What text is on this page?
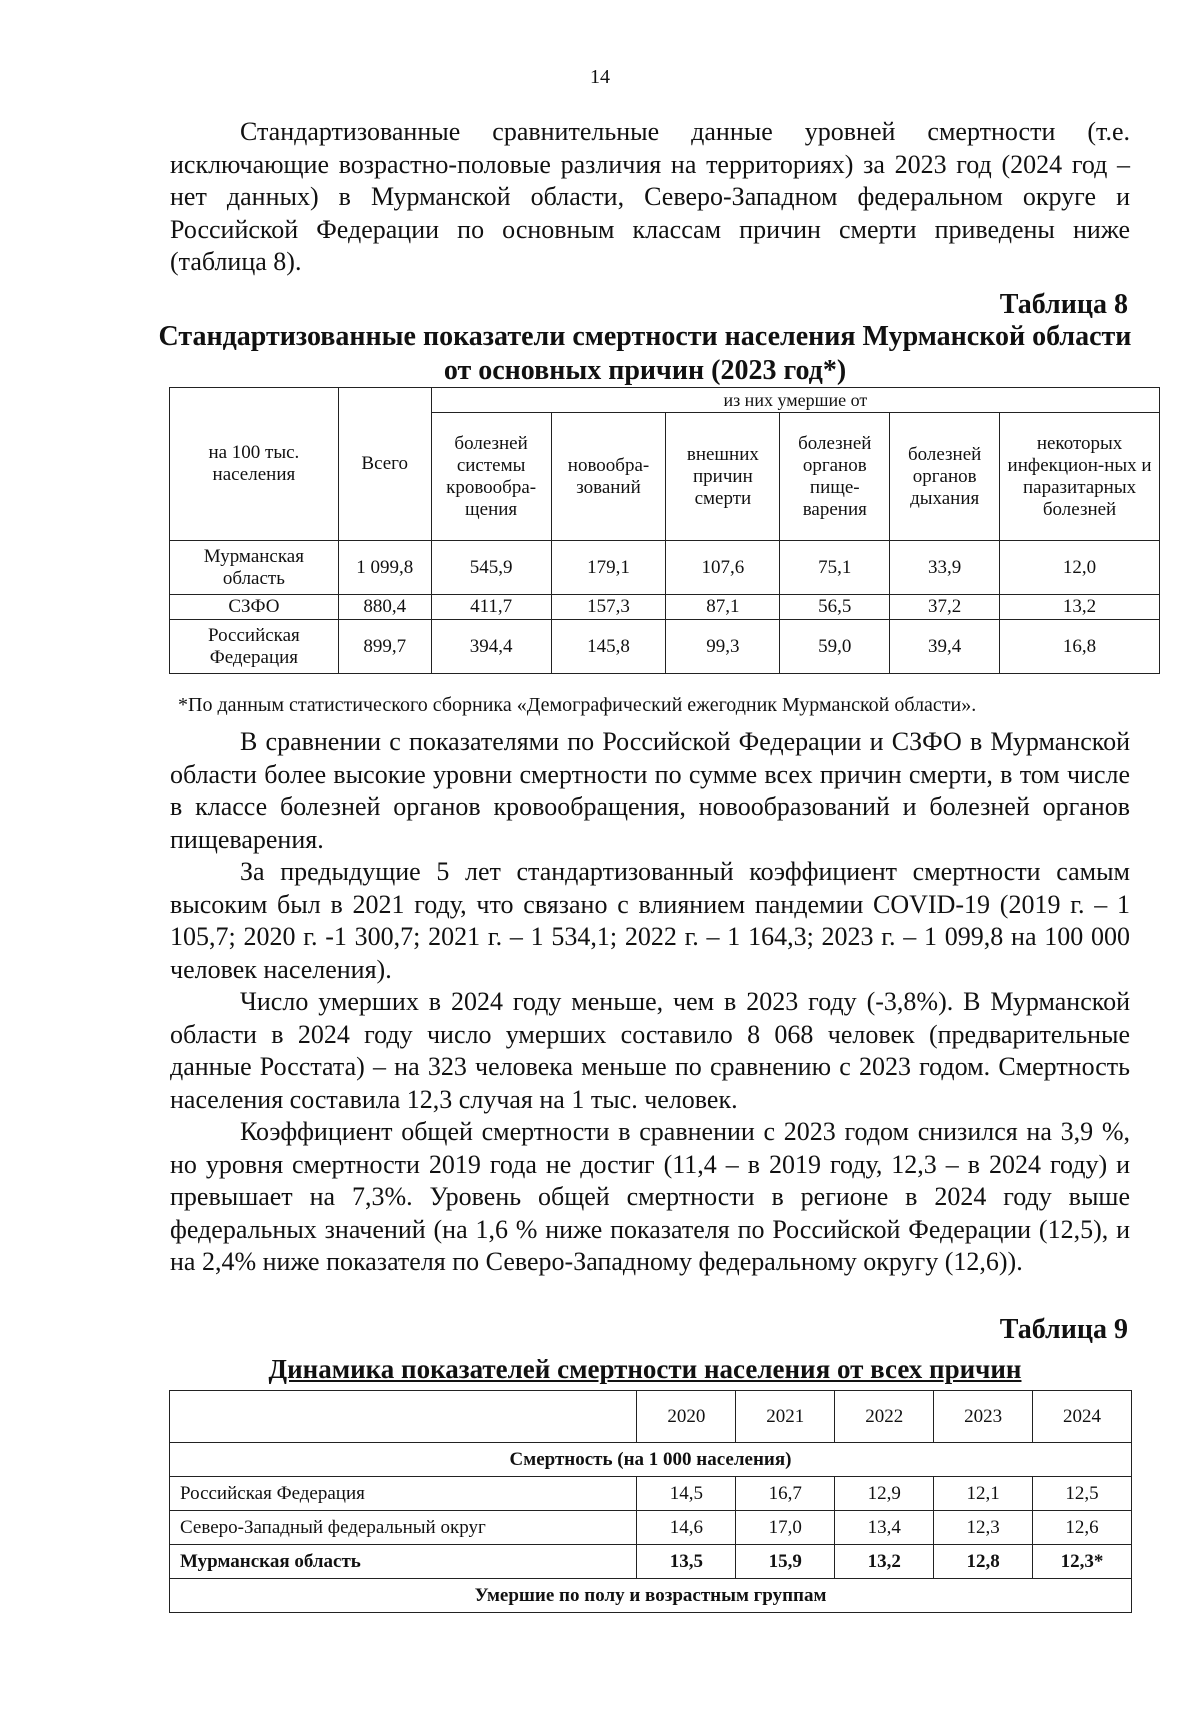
14

Стандартизованные сравнительные данные уровней смертности (т.е. исключающие возрастно-половые различия на территориях) за 2023 год (2024 год – нет данных) в Мурманской области, Северо-Западном федеральном округе и Российской Федерации по основным классам причин смерти приведены ниже (таблица 8).

Таблица 8
Стандартизованные показатели смертности населения Мурманской области от основных причин (2023 год*)
на 100 тыс. населения	Всего	из них умершие от					
		болезней системы кровообра-щения	новообра-зований	внешних причин смерти	болезней органов пище-варения	болезней органов дыхания	некоторых инфекцион-ных и паразитарных болезней
Мурманская область	1 099,8	545,9	179,1	107,6	75,1	33,9	12,0
СЗФО	880,4	411,7	157,3	87,1	56,5	37,2	13,2
Российская Федерация	899,7	394,4	145,8	99,3	59,0	39,4	16,8
*По данным статистического сборника «Демографический ежегодник Мурманской области».

В сравнении с показателями по Российской Федерации и СЗФО в Мурманской области более высокие уровни смертности по сумме всех причин смерти, в том числе в классе болезней органов кровообращения, новообразований и болезней органов пищеварения.

За предыдущие 5 лет стандартизованный коэффициент смертности самым высоким был в 2021 году, что связано с влиянием пандемии COVID-19 (2019 г. – 1 105,7; 2020 г. -1 300,7; 2021 г. – 1 534,1; 2022 г. – 1 164,3; 2023 г. – 1 099,8 на 100 000 человек населения).

Число умерших в 2024 году меньше, чем в 2023 году (-3,8%). В Мурманской области в 2024 году число умерших составило 8 068 человек (предварительные данные Росстата) – на 323 человека меньше по сравнению с 2023 годом. Смертность населения составила 12,3 случая на 1 тыс. человек.

Коэффициент общей смертности в сравнении с 2023 годом снизился на 3,9 %, но уровня смертности 2019 года не достиг (11,4 – в 2019 году, 12,3 – в 2024 году) и превышает на 7,3%. Уровень общей смертности в регионе в 2024 году выше федеральных значений (на 1,6 % ниже показателя по Российской Федерации (12,5), и на 2,4% ниже показателя по Северо-Западному федеральному округу (12,6)).

Таблица 9
Динамика показателей смертности населения от всех причин
	2020	2021	2022	2023	2024
Смертность (на 1 000 населения)					
Российская Федерация	14,5	16,7	12,9	12,1	12,5
Северо-Западный федеральный округ	14,6	17,0	13,4	12,3	12,6
Мурманская область	13,5	15,9	13,2	12,8	12,3*
Умершие по полу и возрастным группам					
